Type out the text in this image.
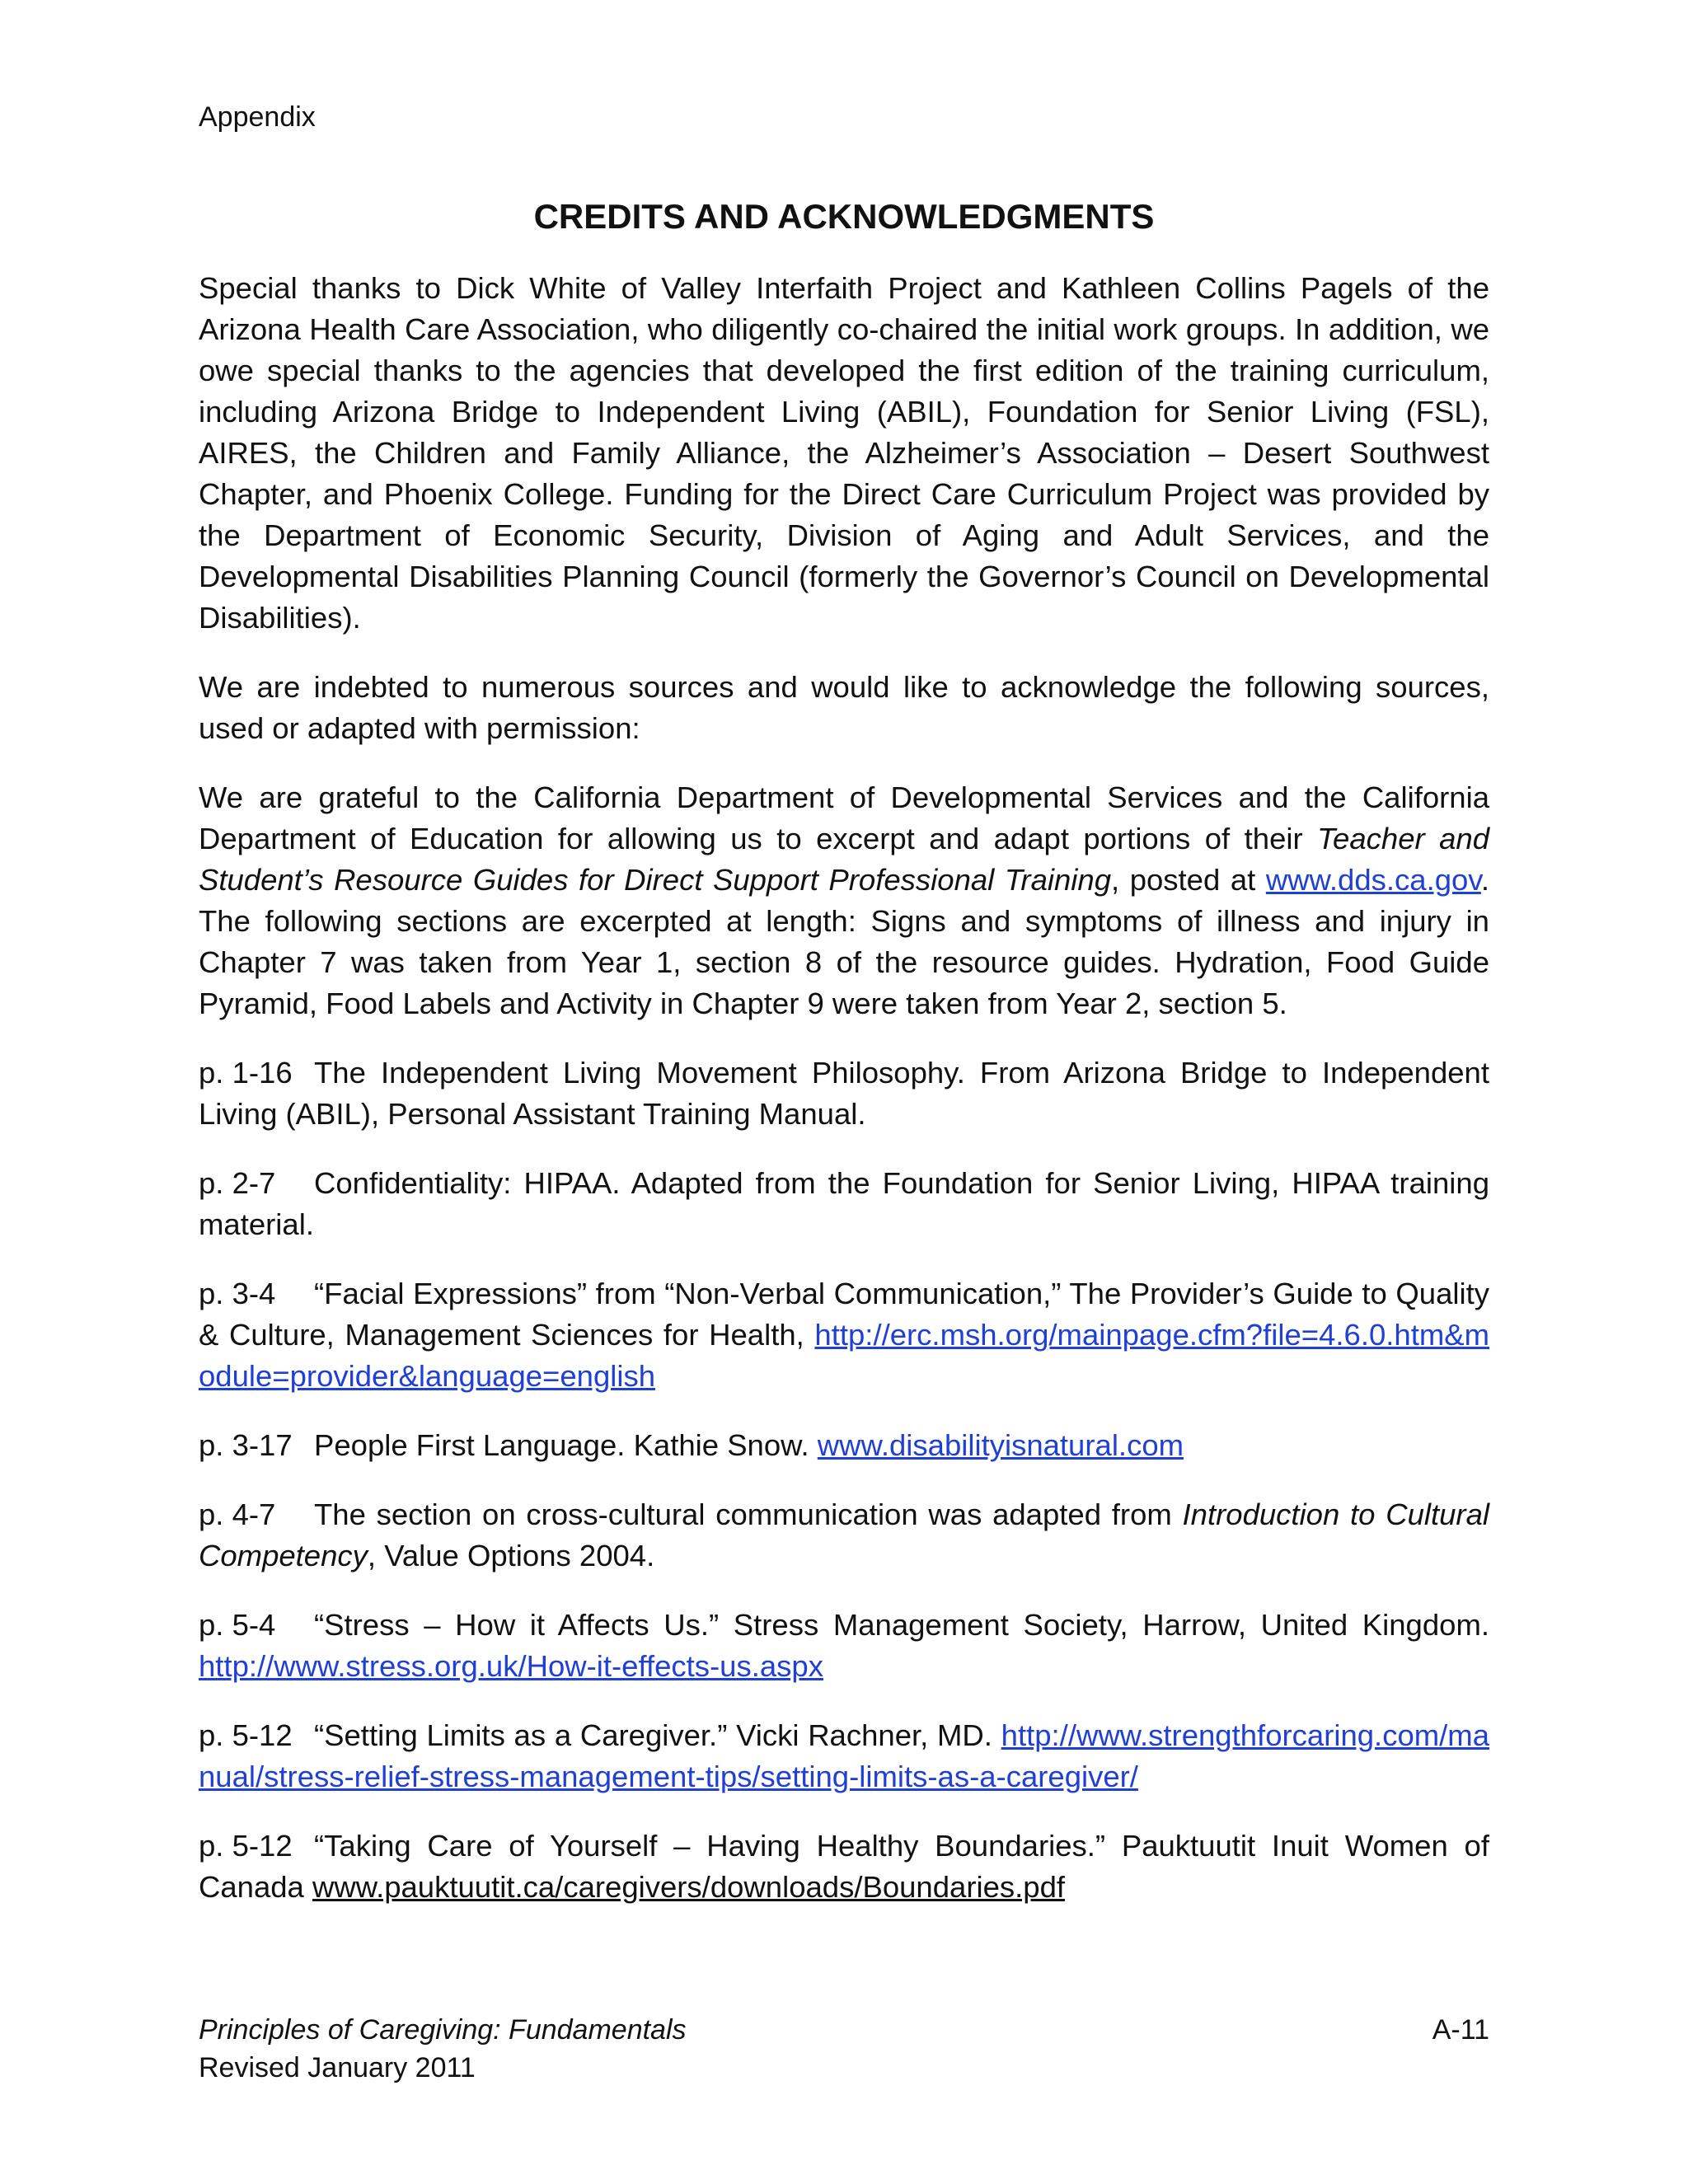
Appendix
CREDITS AND ACKNOWLEDGMENTS

Special thanks to Dick White of Valley Interfaith Project and Kathleen Collins Pagels of the Arizona Health Care Association, who diligently co-chaired the initial work groups. In addition, we owe special thanks to the agencies that developed the first edition of the training curriculum, including Arizona Bridge to Independent Living (ABIL), Foundation for Senior Living (FSL), AIRES, the Children and Family Alliance, the Alzheimer’s Association – Desert Southwest Chapter, and Phoenix College. Funding for the Direct Care Curriculum Project was provided by the Department of Economic Security, Division of Aging and Adult Services, and the Developmental Disabilities Planning Council (formerly the Governor’s Council on Developmental Disabilities).

We are indebted to numerous sources and would like to acknowledge the following sources, used or adapted with permission:

We are grateful to the California Department of Developmental Services and the California Department of Education for allowing us to excerpt and adapt portions of their Teacher and Student’s Resource Guides for Direct Support Professional Training, posted at www.dds.ca.gov. The following sections are excerpted at length: Signs and symptoms of illness and injury in Chapter 7 was taken from Year 1, section 8 of the resource guides. Hydration, Food Guide Pyramid, Food Labels and Activity in Chapter 9 were taken from Year 2, section 5.

p. 1-16 The Independent Living Movement Philosophy. From Arizona Bridge to Independent Living (ABIL), Personal Assistant Training Manual.
p. 2-7 Confidentiality: HIPAA. Adapted from the Foundation for Senior Living, HIPAA training material.
p. 3-4 “Facial Expressions” from “Non-Verbal Communication,” The Provider’s Guide to Quality & Culture, Management Sciences for Health, http://erc.msh.org/mainpage.cfm?file=4.6.0.htm&module=provider&language=english
p. 3-17 People First Language. Kathie Snow. www.disabilityisnatural.com
p. 4-7 The section on cross-cultural communication was adapted from Introduction to Cultural Competency, Value Options 2004.
p. 5-4 “Stress – How it Affects Us.” Stress Management Society, Harrow, United Kingdom. http://www.stress.org.uk/How-it-effects-us.aspx
p. 5-12 “Setting Limits as a Caregiver.” Vicki Rachner, MD. http://www.strengthforcaring.com/manual/stress-relief-stress-management-tips/setting-limits-as-a-caregiver/
p. 5-12 “Taking Care of Yourself – Having Healthy Boundaries.” Pauktuutit Inuit Women of Canada www.pauktuutit.ca/caregivers/downloads/Boundaries.pdf
Principles of Caregiving: Fundamentals	A-11
Revised January 2011
